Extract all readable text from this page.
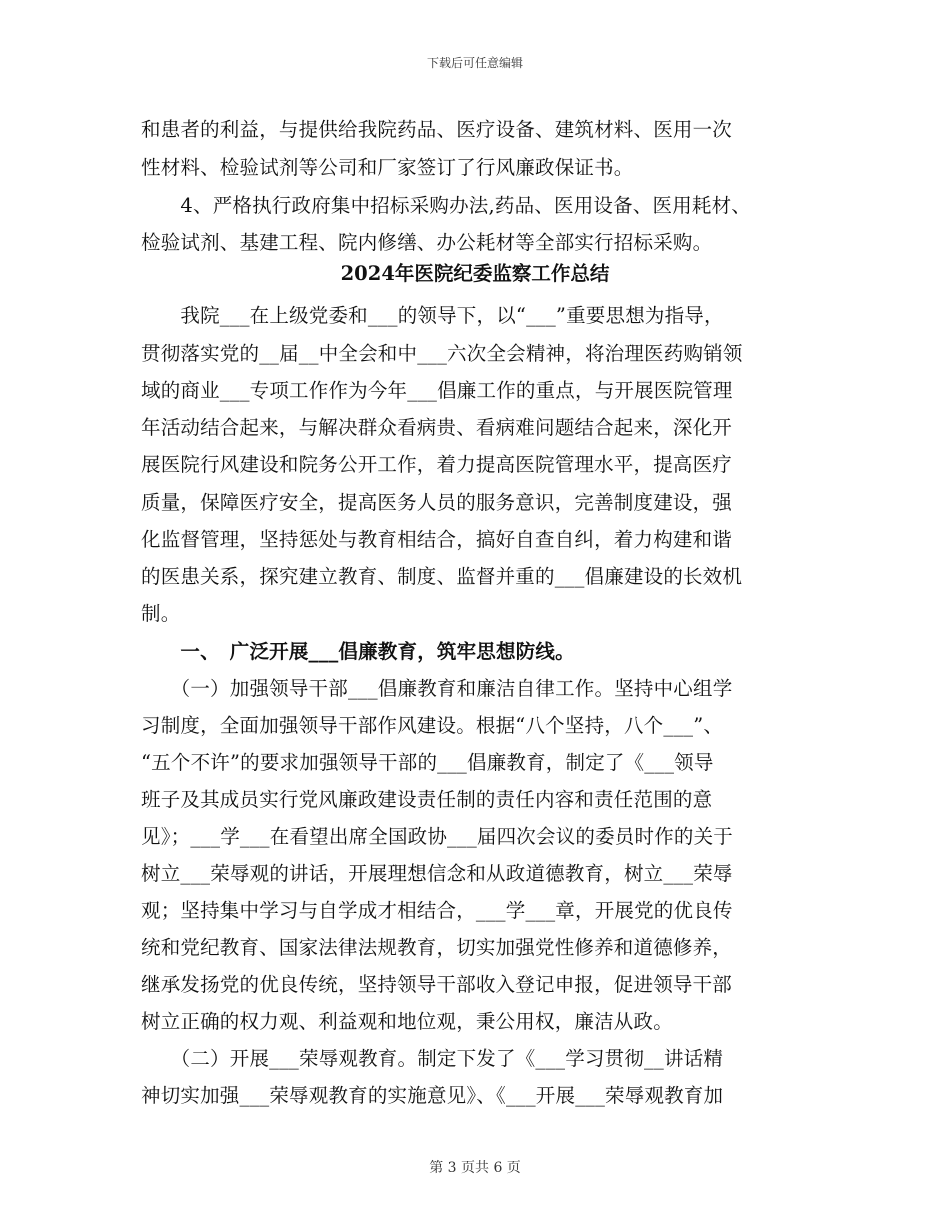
下载后可任意编辑
和患者的利益，与提供给我院药品、医疗设备、建筑材料、医用一次
性材料、检验试剂等公司和厂家签订了行风廉政保证书。
　　4、严格执行政府集中招标采购办法,药品、医用设备、医用耗材、
检验试剂、基建工程、院内修缮、办公耗材等全部实行招标采购。
2024年医院纪委监察工作总结
　　我院___在上级党委和___的领导下，以“___”重要思想为指导，
贯彻落实党的__届__中全会和中___六次全会精神，将治理医药购销领
域的商业___专项工作作为今年___倡廉工作的重点，与开展医院管理
年活动结合起来，与解决群众看病贵、看病难问题结合起来，深化开
展医院行风建设和院务公开工作，着力提高医院管理水平，提高医疗
质量，保障医疗安全，提高医务人员的服务意识，完善制度建设，强
化监督管理，坚持惩处与教育相结合，搞好自查自纠，着力构建和谐
的医患关系，探究建立教育、制度、监督并重的___倡廉建设的长效机
制。
　　一、　广泛开展___倡廉教育，筑牢思想防线。
　　（一）加强领导干部___倡廉教育和廉洁自律工作。坚持中心组学
习制度，全面加强领导干部作风建设。根据“八个坚持，八个___”、
“五个不许”的要求加强领导干部的___倡廉教育，制定了《___领导
班子及其成员实行党风廉政建设责任制的责任内容和责任范围的意
见》；___学___在看望出席全国政协___届四次会议的委员时作的关于
树立___荣辱观的讲话，开展理想信念和从政道德教育，树立___荣辱
观；坚持集中学习与自学成才相结合，___学___章，开展党的优良传
统和党纪教育、国家法律法规教育，切实加强党性修养和道德修养，
继承发扬党的优良传统，坚持领导干部收入登记申报，促进领导干部
树立正确的权力观、利益观和地位观，秉公用权，廉洁从政。
　　（二）开展___荣辱观教育。制定下发了《___学习贯彻__讲话精
神切实加强___荣辱观教育的实施意见》、《___开展___荣辱观教育加
第 3 页共 6 页
